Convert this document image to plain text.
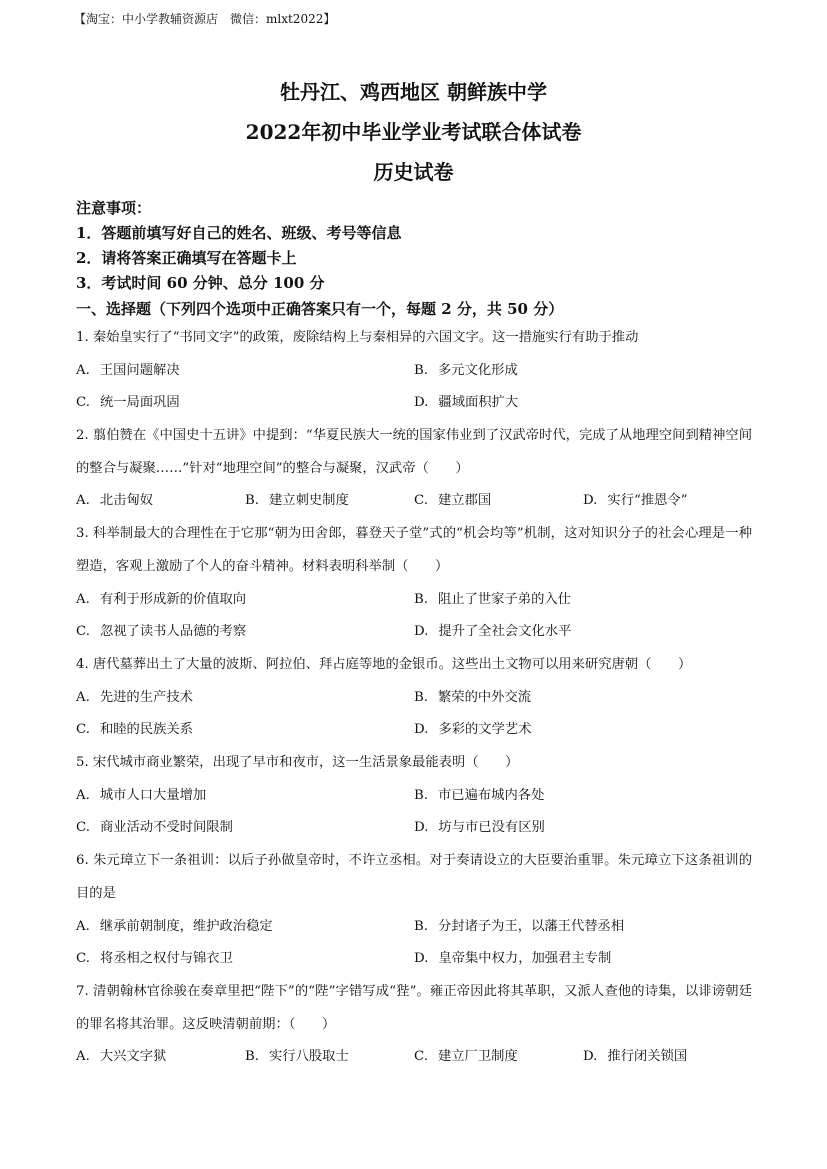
【淘宝：中小学教辅资源店　微信：mlxt2022】
牡丹江、鸡西地区 朝鲜族中学
2022年初中毕业学业考试联合体试卷
历史试卷
注意事项：
1．答题前填写好自己的姓名、班级、考号等信息
2．请将答案正确填写在答题卡上
3．考试时间 60 分钟、总分 100 分
一、选择题（下列四个选项中正确答案只有一个，每题 2 分，共 50 分）
1. 秦始皇实行了“书同文字”的政策，废除结构上与秦相异的六国文字。这一措施实行有助于推动
A. 王国问题解决	B. 多元文化形成
C. 统一局面巩固	D. 疆域面积扩大
2. 翦伯赞在《中国史十五讲》中提到：“华夏民族大一统的国家伟业到了汉武帝时代，完成了从地理空间到精神空间的整合与凝聚……”针对“地理空间”的整合与凝聚，汉武帝（　　）
A. 北击匈奴	B. 建立刺史制度	C. 建立郡国	D. 实行“推恩令”
3. 科举制最大的合理性在于它那“朝为田舍郎，暮登天子堂”式的“机会均等”机制，这对知识分子的社会心理是一种塑造，客观上激励了个人的奋斗精神。材料表明科举制（　　）
A. 有利于形成新的价值取向	B. 阻止了世家子弟的入仕
C. 忽视了读书人品德的考察	D. 提升了全社会文化水平
4. 唐代墓葬出土了大量的波斯、阿拉伯、拜占庭等地的金银币。这些出土文物可以用来研究唐朝（　　）
A. 先进的生产技术	B. 繁荣的中外交流
C. 和睦的民族关系	D. 多彩的文学艺术
5. 宋代城市商业繁荣，出现了早市和夜市，这一生活景象最能表明（　　）
A. 城市人口大量增加	B. 市已遍布城内各处
C. 商业活动不受时间限制	D. 坊与市已没有区别
6. 朱元璋立下一条祖训：以后子孙做皇帝时，不许立丞相。对于奏请设立的大臣要治重罪。朱元璋立下这条祖训的目的是
A. 继承前朝制度，维护政治稳定	B. 分封诸子为王，以藩王代替丞相
C. 将丞相之权付与锦衣卫	D. 皇帝集中权力，加强君主专制
7. 清朝翰林官徐骏在奏章里把“陛下”的“陛”字错写成“狴”。雍正帝因此将其革职，又派人查他的诗集，以诽谤朝廷的罪名将其治罪。这反映清朝前期：（　　）
A. 大兴文字狱	B. 实行八股取士	C. 建立厂卫制度	D. 推行闭关锁国
